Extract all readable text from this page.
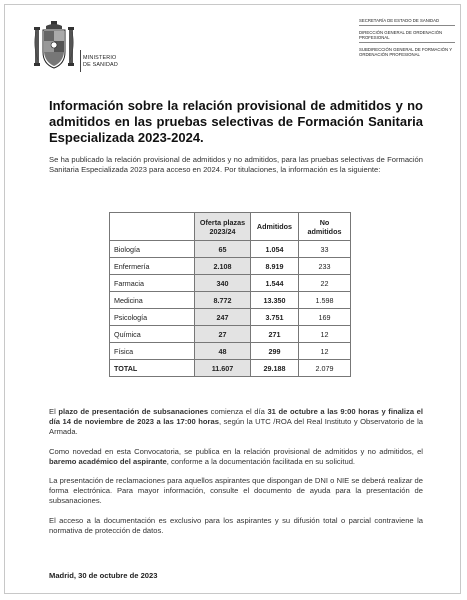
MINISTERIO
DE SANIDAD
SECRETARÍA DE ESTADO DE SANIDAD
DIRECCIÓN GENERAL DE ORDENACIÓN PROFESIONAL
SUBDIRECCIÓN GENERAL DE FORMACIÓN Y ORDENACIÓN PROFESIONAL
Información sobre la relación provisional de admitidos y no admitidos en las pruebas selectivas de Formación Sanitaria Especializada 2023-2024.
Se ha publicado la relación provisional de admitidos y no admitidos, para las pruebas selectivas de Formación Sanitaria Especializada 2023 para acceso en 2024. Por titulaciones, la información es la siguiente:
	Oferta plazas 2023/24	Admitidos	No admitidos
Biología	65	1.054	33
Enfermería	2.108	8.919	233
Farmacia	340	1.544	22
Medicina	8.772	13.350	1.598
Psicología	247	3.751	169
Química	27	271	12
Física	48	299	12
TOTAL	11.607	29.188	2.079

El plazo de presentación de subsanaciones comienza el día 31 de octubre a las 9:00 horas y finaliza el día 14 de noviembre de 2023 a las 17:00 horas, según la UTC /ROA del Real Instituto y Observatorio de la Armada.

Como novedad en esta Convocatoria, se publica en la relación provisional de admitidos y no admitidos, el baremo académico del aspirante, conforme a la documentación facilitada en su solicitud.

La presentación de reclamaciones para aquellos aspirantes que dispongan de DNI o NIE se deberá realizar de forma electrónica. Para mayor información, consulte el documento de ayuda para la presentación de subsanaciones.

El acceso a la documentación es exclusivo para los aspirantes y su difusión total o parcial contraviene la normativa de protección de datos.

Madrid, 30 de octubre de 2023
